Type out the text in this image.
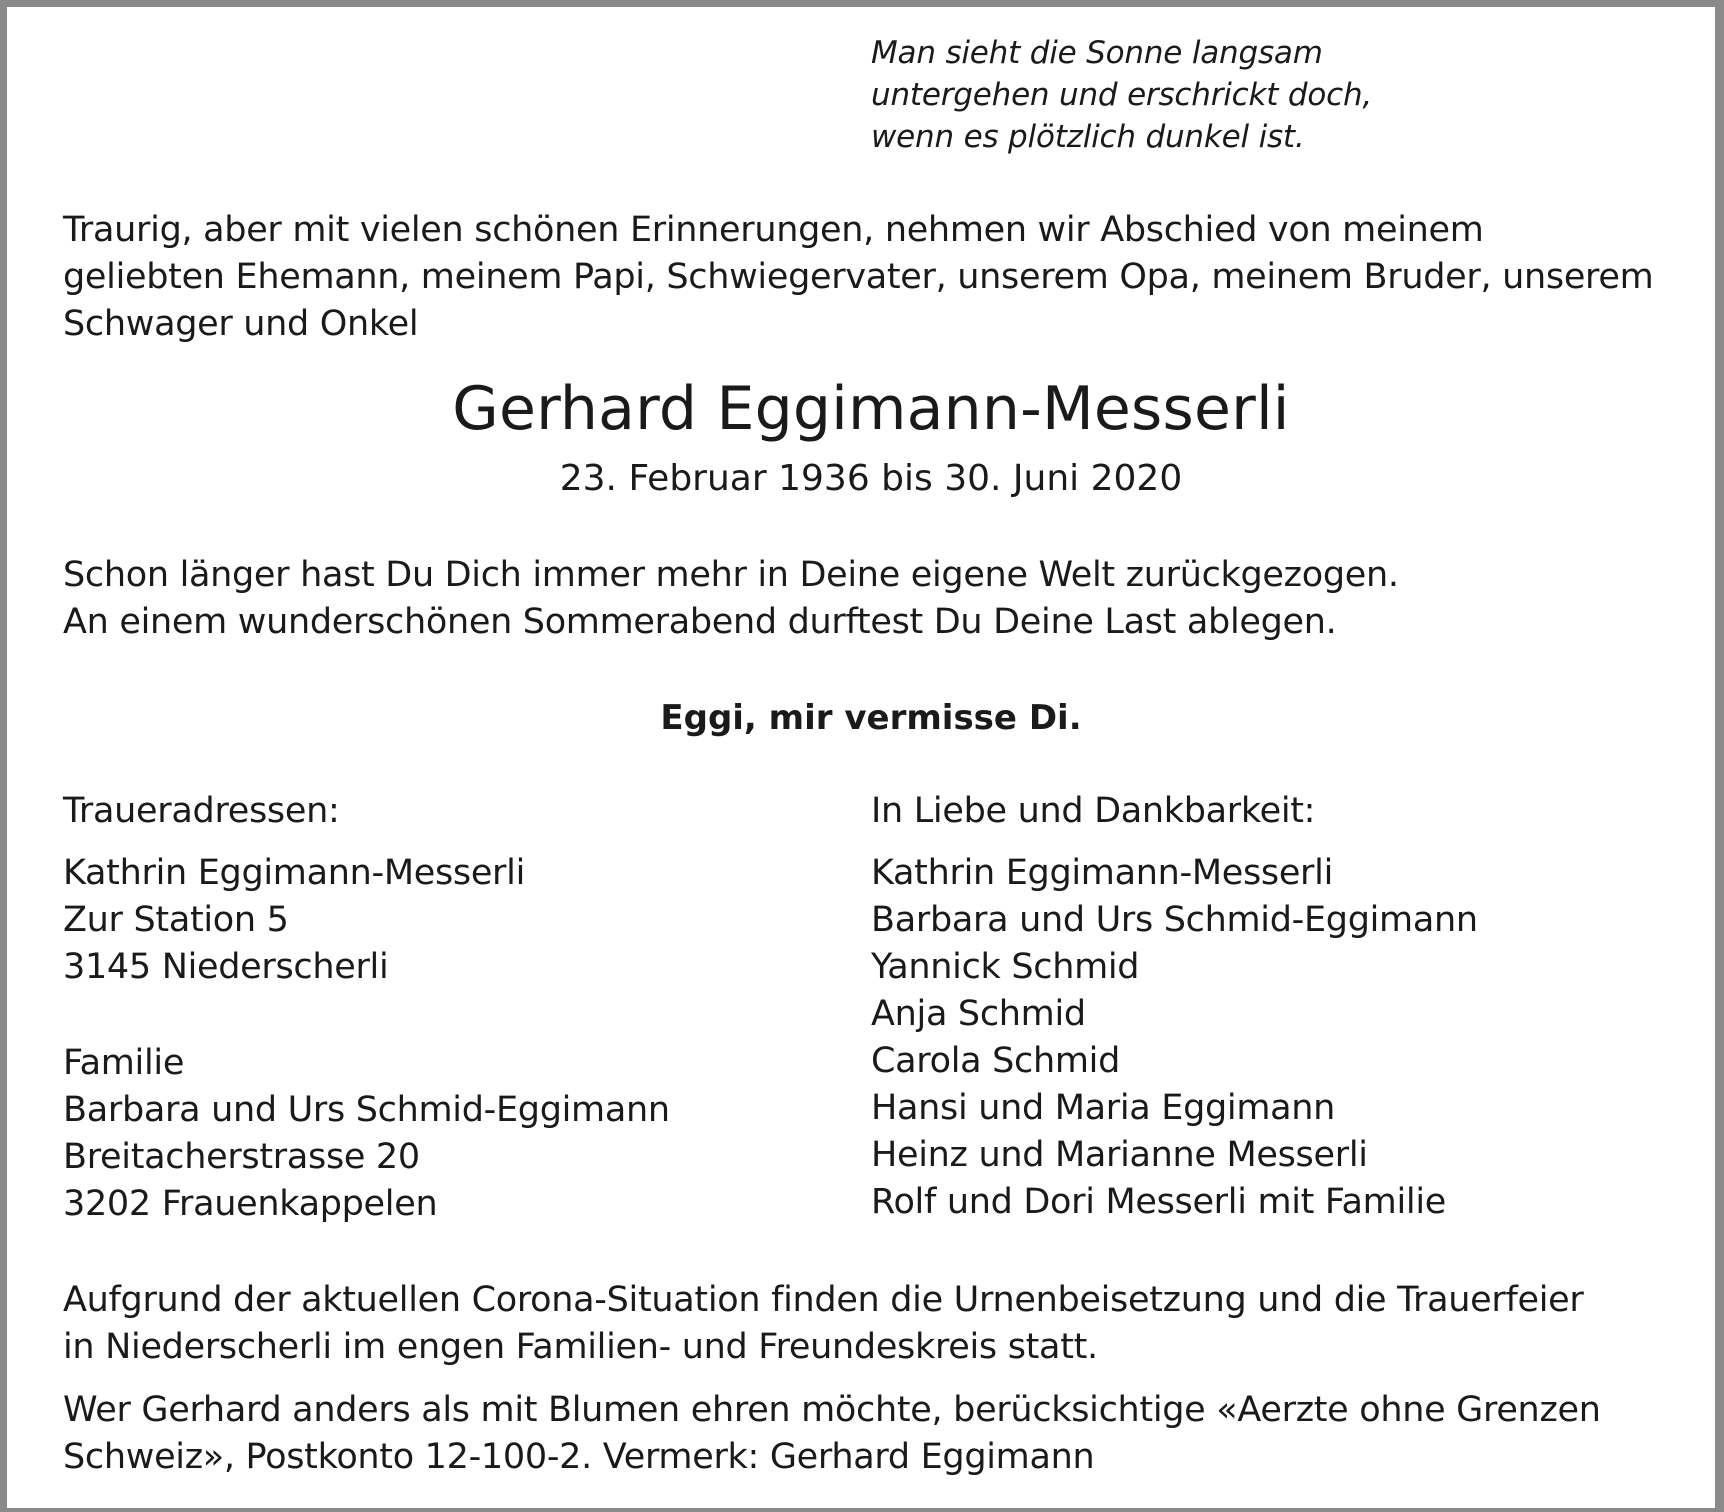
Man sieht die Sonne langsam
untergehen und erschrickt doch,
wenn es plötzlich dunkel ist.
Traurig, aber mit vielen schönen Erinnerungen, nehmen wir Abschied von meinem
geliebten Ehemann, meinem Papi, Schwiegervater, unserem Opa, meinem Bruder, unserem
Schwager und Onkel
Gerhard Eggimann-Messerli
23. Februar 1936 bis 30. Juni 2020
Schon länger hast Du Dich immer mehr in Deine eigene Welt zurückgezogen.
An einem wunderschönen Sommerabend durftest Du Deine Last ablegen.
Eggi, mir vermisse Di.
Traueradressen:
Kathrin Eggimann-Messerli
Zur Station 5
3145 Niederscherli
Familie
Barbara und Urs Schmid-Eggimann
Breitacherstrasse 20
3202 Frauenkappelen
In Liebe und Dankbarkeit:
Kathrin Eggimann-Messerli
Barbara und Urs Schmid-Eggimann
Yannick Schmid
Anja Schmid
Carola Schmid
Hansi und Maria Eggimann
Heinz und Marianne Messerli
Rolf und Dori Messerli mit Familie
Aufgrund der aktuellen Corona-Situation finden die Urnenbeisetzung und die Trauerfeier
in Niederscherli im engen Familien- und Freundeskreis statt.
Wer Gerhard anders als mit Blumen ehren möchte, berücksichtige «Aerzte ohne Grenzen
Schweiz», Postkonto 12-100-2. Vermerk: Gerhard Eggimann
